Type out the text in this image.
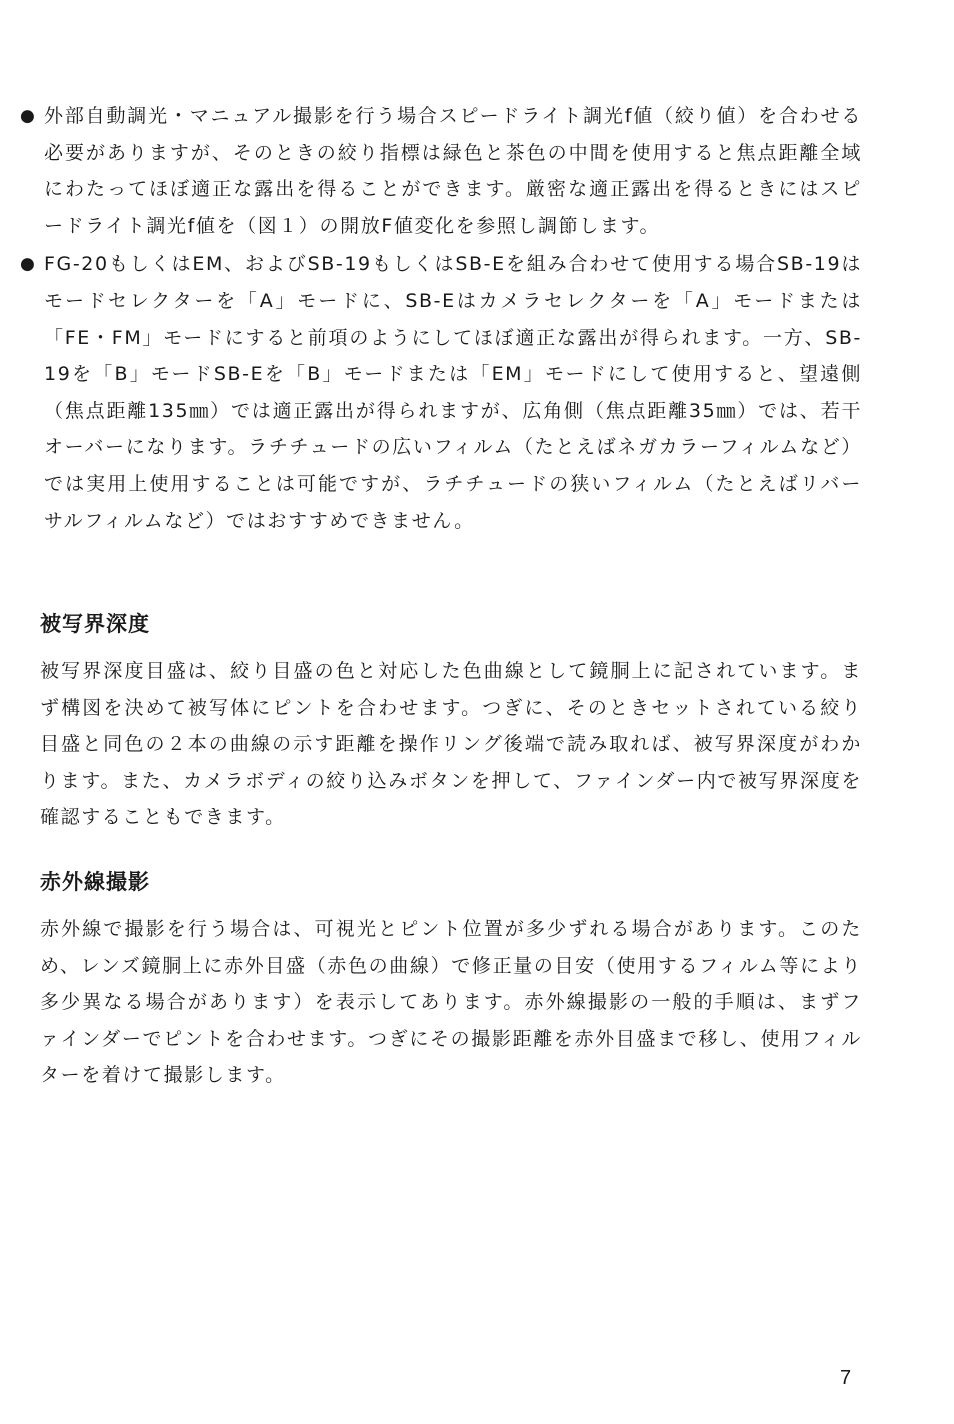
● 外部自動調光・マニュアル撮影を行う場合スピードライト調光f値（絞り値）を合わせる必要がありますが、そのときの絞り指標は緑色と茶色の中間を使用すると焦点距離全域にわたってほぼ適正な露出を得ることができます。厳密な適正露出を得るときにはスピードライト調光f値を（図１）の開放F値変化を参照し調節します。

● FG-20もしくはEM、およびSB-19もしくはSB-Eを組み合わせて使用する場合SB-19はモードセレクターを「A」モードに、SB-Eはカメラセレクターを「A」モードまたは「FE・FM」モードにすると前項のようにしてほぼ適正な露出が得られます。一方、SB-19を「B」モードSB-Eを「B」モードまたは「EM」モードにして使用すると、望遠側（焦点距離135㎜）では適正露出が得られますが、広角側（焦点距離35㎜）では、若干オーバーになります。ラチチュードの広いフィルム（たとえばネガカラーフィルムなど）では実用上使用することは可能ですが、ラチチュードの狭いフィルム（たとえばリバーサルフィルムなど）ではおすすめできません。

被写界深度

被写界深度目盛は、絞り目盛の色と対応した色曲線として鏡胴上に記されています。まず構図を決めて被写体にピントを合わせます。つぎに、そのときセットされている絞り目盛と同色の２本の曲線の示す距離を操作リング後端で読み取れば、被写界深度がわかります。また、カメラボディの絞り込みボタンを押して、ファインダー内で被写界深度を確認することもできます。

赤外線撮影

赤外線で撮影を行う場合は、可視光とピント位置が多少ずれる場合があります。このため、レンズ鏡胴上に赤外目盛（赤色の曲線）で修正量の目安（使用するフィルム等により多少異なる場合があります）を表示してあります。赤外線撮影の一般的手順は、まずファインダーでピントを合わせます。つぎにその撮影距離を赤外目盛まで移し、使用フィルターを着けて撮影します。

7
